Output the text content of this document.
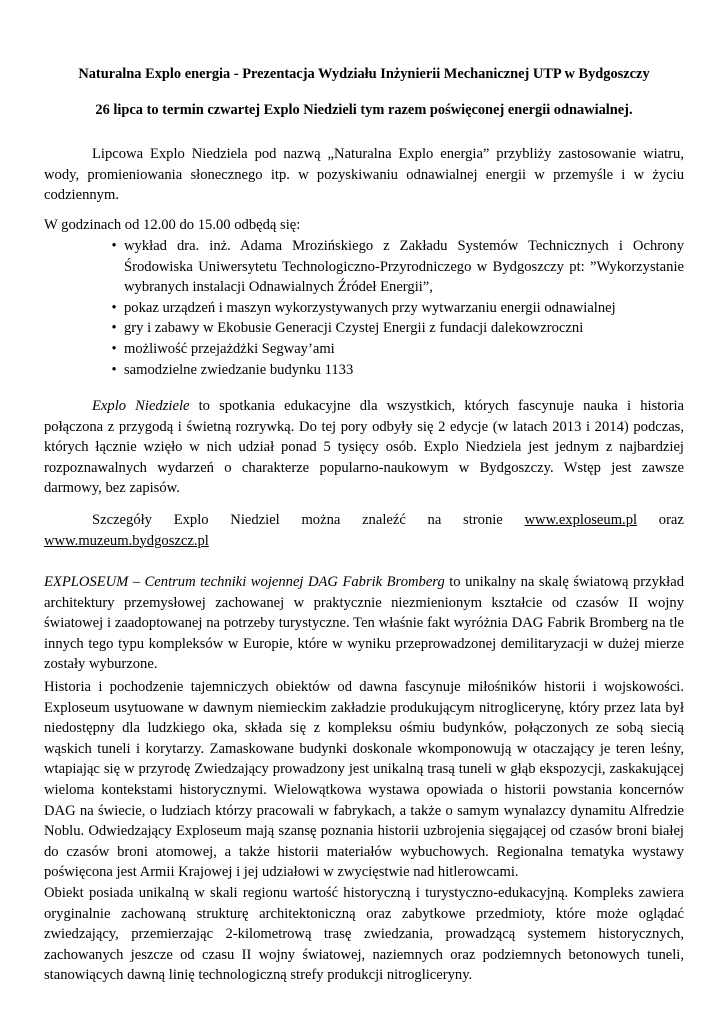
Naturalna Explo energia - Prezentacja Wydziału Inżynierii Mechanicznej UTP w Bydgoszczy

26 lipca to termin czwartej Explo Niedzieli tym razem poświęconej energii odnawialnej.

Lipcowa Explo Niedziela pod nazwą „Naturalna Explo energia” przybliży zastosowanie wiatru, wody, promieniowania słonecznego itp. w pozyskiwaniu odnawialnej energii w przemyśle i w życiu codziennym.

W godzinach od 12.00 do 15.00 odbędą się:

• wykład dra. inż. Adama Mrozińskiego z Zakładu Systemów Technicznych i Ochrony Środowiska Uniwersytetu Technologiczno-Przyrodniczego w Bydgoszczy pt: ”Wykorzystanie wybranych instalacji Odnawialnych Źródeł Energii”,
• pokaz urządzeń i maszyn wykorzystywanych przy wytwarzaniu energii odnawialnej
• gry i zabawy w Ekobusie Generacji Czystej Energii z fundacji dalekowzroczni
• możliwość przejażdżki Segway’ami
• samodzielne zwiedzanie budynku 1133

Explo Niedziele to spotkania edukacyjne dla wszystkich, których fascynuje nauka i historia połączona z przygodą i świetną rozrywką. Do tej pory odbyły się 2 edycje (w latach 2013 i 2014) podczas, których łącznie wzięło w nich udział ponad 5 tysięcy osób. Explo Niedziela jest jednym z najbardziej rozpoznawalnych wydarzeń o charakterze popularno-naukowym w Bydgoszczy. Wstęp jest zawsze darmowy, bez zapisów.

Szczegóły Explo Niedziel można znaleźć na stronie www.exploseum.pl oraz
www.muzeum.bydgoszcz.pl

EXPLOSEUM – Centrum techniki wojennej DAG Fabrik Bromberg to unikalny na skalę światową przykład architektury przemysłowej zachowanej w praktycznie niezmienionym kształcie od czasów II wojny światowej i zaadoptowanej na potrzeby turystyczne. Ten właśnie fakt wyróżnia DAG Fabrik Bromberg na tle innych tego typu kompleksów w Europie, które w wyniku przeprowadzonej demilitaryzacji w dużej mierze zostały wyburzone.

Historia i pochodzenie tajemniczych obiektów od dawna fascynuje miłośników historii i wojskowości. Exploseum usytuowane w dawnym niemieckim zakładzie produkującym nitroglicerynę, który przez lata był niedostępny dla ludzkiego oka, składa się z kompleksu ośmiu budynków, połączonych ze sobą siecią wąskich tuneli i korytarzy. Zamaskowane budynki doskonale wkomponowują w otaczający je teren leśny, wtapiając się w przyrodę Zwiedzający prowadzony jest unikalną trasą tuneli w głąb ekspozycji, zaskakującej wieloma kontekstami historycznymi. Wielowątkowa wystawa opowiada o historii powstania koncernów DAG na świecie, o ludziach którzy pracowali w fabrykach, a także o samym wynalazcy dynamitu Alfredzie Noblu. Odwiedzający Exploseum mają szansę poznania historii uzbrojenia sięgającej od czasów broni białej do czasów broni atomowej, a także historii materiałów wybuchowych. Regionalna tematyka wystawy poświęcona jest Armii Krajowej i jej udziałowi w zwycięstwie nad hitlerowcami.

Obiekt posiada unikalną w skali regionu wartość historyczną i turystyczno-edukacyjną. Kompleks zawiera oryginalnie zachowaną strukturę architektoniczną oraz zabytkowe przedmioty, które może oglądać zwiedzający, przemierzając 2-kilometrową trasę zwiedzania, prowadzącą systemem historycznych, zachowanych jeszcze od czasu II wojny światowej, naziemnych oraz podziemnych betonowych tuneli, stanowiących dawną linię technologiczną strefy produkcji nitrogliceryny.
